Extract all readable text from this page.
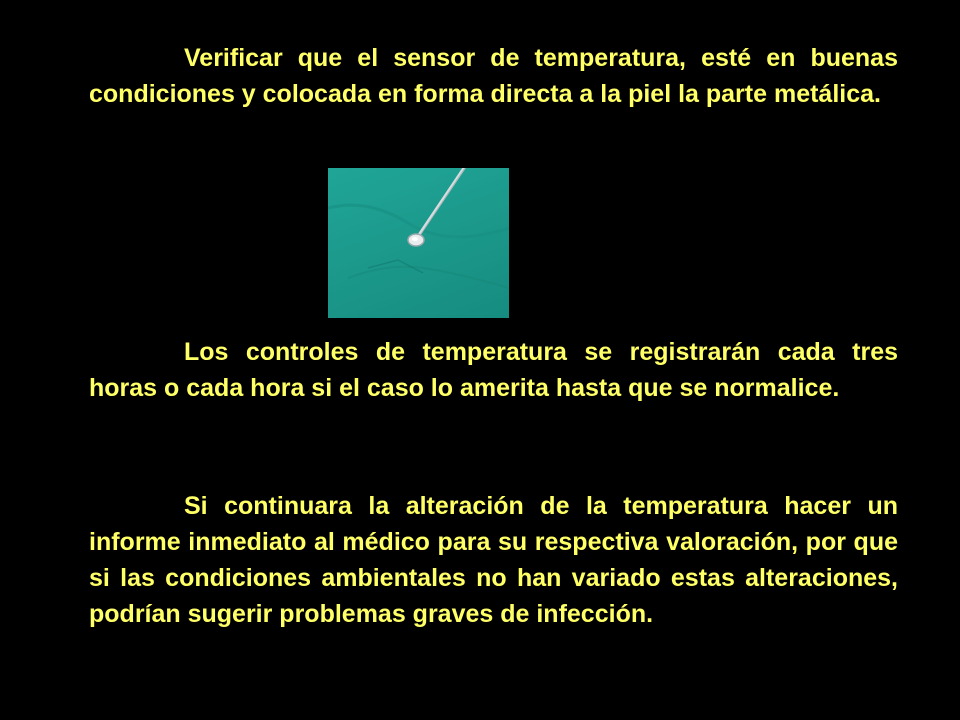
Verificar que el sensor de temperatura, esté en buenas condiciones y colocada en forma directa a la piel la parte metálica.

Los controles de temperatura se registrarán cada tres horas o cada hora si el caso lo amerita hasta que se normalice.

Si continuara la alteración de la temperatura hacer un informe inmediato al médico para su respectiva valoración, por que si las condiciones ambientales no han variado estas alteraciones, podrían sugerir problemas graves de infección.
